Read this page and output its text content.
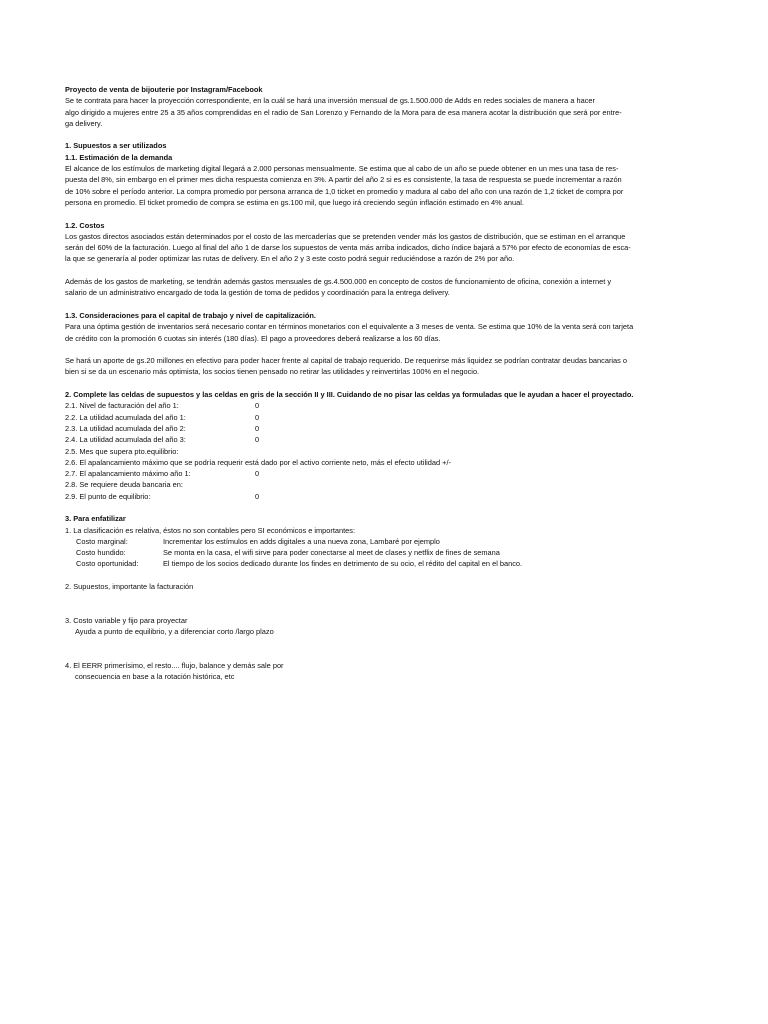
Proyecto de venta de bijouterie por Instagram/Facebook
Se te contrata para hacer la proyección correspondiente, en la cuál se hará una inversión mensual de gs.1.500.000 de Adds en redes sociales de manera a hacer
algo dirigido a mujeres entre 25 a 35 años comprendidas en el radio de San Lorenzo y Fernando de la Mora para de esa manera acotar la distribución que será por entre-
ga delivery.
1. Supuestos a ser utilizados
1.1. Estimación de la demanda
El alcance de los estímulos de marketing digital llegará a 2.000 personas mensualmente. Se estima que al cabo de un año se puede obtener en un mes una tasa de res-
puesta del 8%, sin embargo en el primer mes dicha respuesta comienza en 3%. A partir del año 2 si es es consistente, la tasa de respuesta se puede incrementar a razón
de 10% sobre el período anterior. La compra promedio por persona arranca de 1,0 ticket en promedio y madura al cabo del año con una razón de 1,2 ticket de compra por
persona en promedio. El ticket promedio de compra se estima en gs.100 mil, que luego irá creciendo según inflación estimado en 4% anual.
1.2. Costos
Los gastos directos asociados están determinados por el costo de las mercaderías que se pretenden vender más los gastos de distribución, que se estiman en el arranque
serán del 60% de la facturación. Luego al final del año 1 de darse los supuestos de venta más arriba indicados, dicho índice bajará a 57% por efecto de economías de esca-
la que se generaría al poder optimizar las rutas de delivery. En el año 2 y 3 este costo podrá seguir reduciéndose a razón de 2% por año.
Además de los gastos de marketing, se tendrán además gastos mensuales de gs.4.500.000 en concepto de costos de funcionamiento de oficina, conexión a internet y
salario de un administrativo encargado de toda la gestión de toma de pedidos y coordinación para la entrega delivery.
1.3. Consideraciones para el capital de trabajo y nivel de capitalización.
Para una óptima gestión de inventarios será necesario contar en términos monetarios con el equivalente a 3 meses de venta. Se estima que 10% de la venta será con tarjeta
de crédito con la promoción 6 cuotas sin interés (180 días). El pago a proveedores deberá realizarse a los 60 días.
Se hará un aporte de gs.20 millones en efectivo para poder hacer frente al capital de trabajo requerido. De requerirse más liquidez se podrían contratar deudas bancarias o
bien si se da un escenario más optimista, los socios tienen pensado no retirar las utilidades y reinvertirlas 100% en el negocio.
2. Complete las celdas de supuestos y las celdas en gris de la sección II y III. Cuidando de no pisar las celdas ya formuladas que le ayudan a hacer el proyectado.
2.1. Nivel de facturación del año 1:	0
2.2. La utilidad acumulada del año 1:	0
2.3. La utilidad acumulada del año 2:	0
2.4. La utilidad acumulada del año 3:	0
2.5. Mes que supera pto.equilibrio:
2.6. El apalancamiento máximo que se podría requerir está dado por el activo corriente neto, más el efecto utilidad +/-
2.7. El apalancamiento máximo año 1:	0
2.8. Se requiere deuda bancaria en:
2.9. El punto de equilibrio:	0
3. Para enfatilizar
1. La clasificación es relativa, éstos no son contables pero SI económicos e importantes:
Costo marginal:	Incrementar los estímulos en adds digitales a una nueva zona, Lambaré por ejemplo
Costo hundido:	Se monta en la casa, el wifi sirve para poder conectarse al meet de clases y netflix de fines de semana
Costo oportunidad:	El tiempo de los socios dedicado durante los findes en detrimento de su ocio, el rédito del capital en el banco.
2. Supuestos, importante la facturación
3. Costo variable y fijo para proyectar
Ayuda a punto de equilibrio, y a diferenciar corto /largo plazo
4. El EERR primerísimo, el resto.... flujo, balance y demás sale por
consecuencia en base a la rotación histórica, etc
